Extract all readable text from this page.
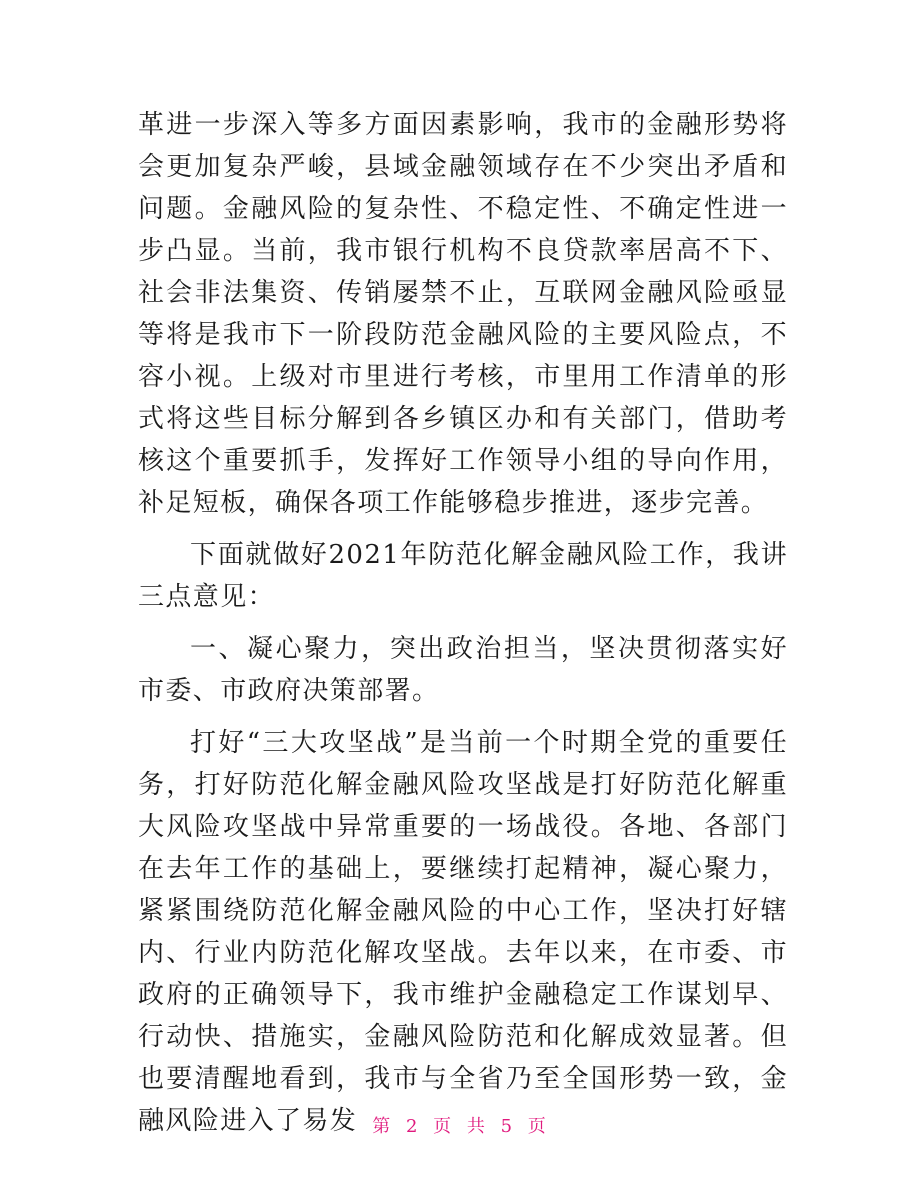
革进一步深入等多方面因素影响，我市的金融形势将会更加复杂严峻，县域金融领域存在不少突出矛盾和问题。金融风险的复杂性、不稳定性、不确定性进一步凸显。当前，我市银行机构不良贷款率居高不下、社会非法集资、传销屡禁不止，互联网金融风险亟显等将是我市下一阶段防范金融风险的主要风险点，不容小视。上级对市里进行考核，市里用工作清单的形式将这些目标分解到各乡镇区办和有关部门，借助考核这个重要抓手，发挥好工作领导小组的导向作用，补足短板，确保各项工作能够稳步推进，逐步完善。

下面就做好2021年防范化解金融风险工作，我讲三点意见：

一、凝心聚力，突出政治担当，坚决贯彻落实好市委、市政府决策部署。

打好“三大攻坚战”是当前一个时期全党的重要任务，打好防范化解金融风险攻坚战是打好防范化解重大风险攻坚战中异常重要的一场战役。各地、各部门在去年工作的基础上，要继续打起精神，凝心聚力，紧紧围绕防范化解金融风险的中心工作，坚决打好辖内、行业内防范化解攻坚战。去年以来，在市委、市政府的正确领导下，我市维护金融稳定工作谋划早、行动快、措施实，金融风险防范和化解成效显著。但也要清醒地看到，我市与全省乃至全国形势一致，金融风险进入了易发 第 2 页 共 5 页
